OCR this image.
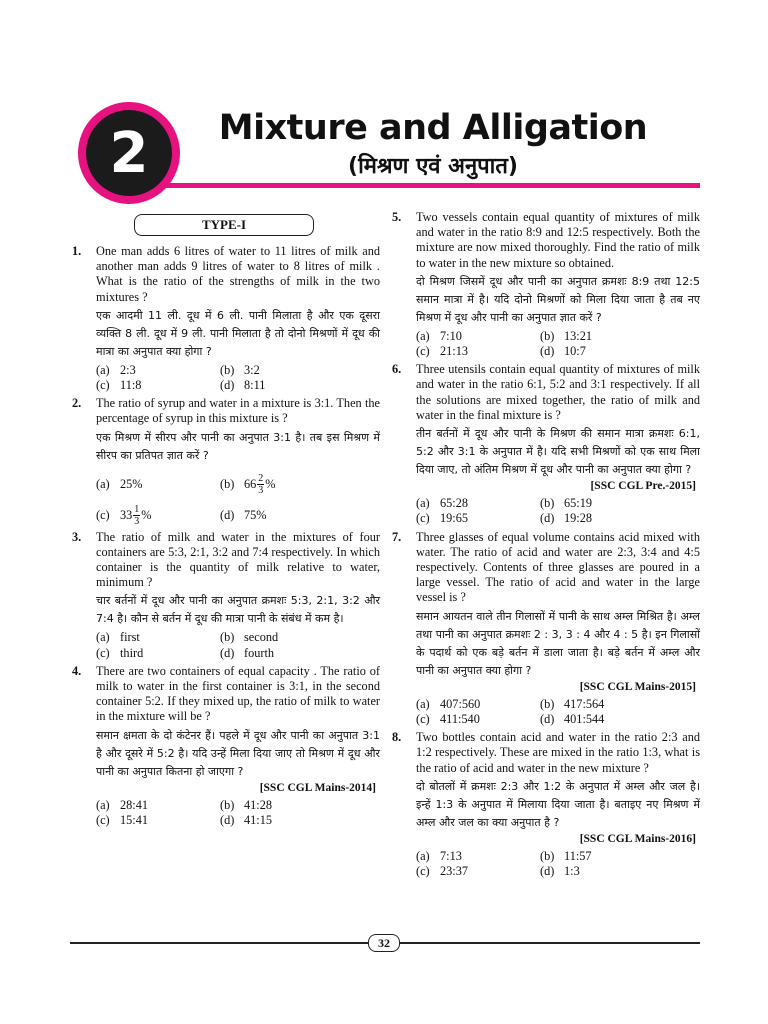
2	Mixture and Alligation
(मिश्रण एवं अनुपात)
TYPE-I
1. One man adds 6 litres of water to 11 litres of milk and another man adds 9 litres of water to 8 litres of milk . What is the ratio of the strengths of milk in the two mixtures ?
एक आदमी 11 ली. दूध में 6 ली. पानी मिलाता है और एक दूसरा व्यक्ति 8 ली. दूध में 9 ली. पानी मिलाता है तो दोनो मिश्रणों में दूध की मात्रा का अनुपात क्या होगा ?
(a) 2:3	(b) 3:2
(c) 11:8	(d) 8:11
2. The ratio of syrup and water in a mixture is 3:1. Then the percentage of syrup in this mixture is ?
एक मिश्रण में सीरप और पानी का अनुपात 3:1 है। तब इस मिश्रण में सीरप का प्रतिपत ज्ञात करें ?
(a) 25%	(b) $66 \frac{2}{3}$ %
(c) $33 \frac{1}{3}$ %	(d) 75%
3. The ratio of milk and water in the mixtures of four containers are 5:3, 2:1, 3:2 and 7:4 respectively. In which container is the quantity of milk relative to water, minimum ?
चार बर्तनों में दूध और पानी का अनुपात क्रमशः 5:3, 2:1, 3:2 और 7:4 है। कौन से बर्तन में दूध की मात्रा पानी के संबंध में कम है।
(a) first	(b) second
(c) third	(d) fourth
4. There are two containers of equal capacity . The ratio of milk to water in the first container is 3:1, in the second container 5:2. If they mixed up, the ratio of milk to water in the mixture will be ?
समान क्षमता के दो कंटेनर हैं। पहले में दूध और पानी का अनुपात 3:1 है और दूसरे में 5:2 है। यदि उन्हें मिला दिया जाए तो मिश्रण में दूध और पानी का अनुपात कितना हो जाएगा ?
[SSC CGL Mains-2014]
(a) 28:41	(b) 41:28
(c) 15:41	(d) 41:15
5. Two vessels contain equal quantity of mixtures of milk and water in the ratio 8:9 and 12:5 respectively. Both the mixture are now mixed thoroughly. Find the ratio of milk to water in the new mixture so obtained.
दो मिश्रण जिसमें दूध और पानी का अनुपात क्रमशः 8:9 तथा 12:5 समान मात्रा में है। यदि दोनो मिश्रणों को मिला दिया जाता है तब नए मिश्रण में दूध और पानी का अनुपात ज्ञात करें ?
(a) 7:10	(b) 13:21
(c) 21:13	(d) 10:7
6. Three utensils contain equal quantity of mixtures of milk and water in the ratio 6:1, 5:2 and 3:1 respectively. If all the solutions are mixed together, the ratio of milk and water in the final mixture is ?
तीन बर्तनों में दूध और पानी के मिश्रण की समान मात्रा क्रमशः 6:1, 5:2 और 3:1 के अनुपात में है। यदि सभी मिश्रणों को एक साथ मिला दिया जाए, तो अंतिम मिश्रण में दूध और पानी का अनुपात क्या होगा ?
[SSC CGL Pre.-2015]
(a) 65:28	(b) 65:19
(c) 19:65	(d) 19:28
7. Three glasses of equal volume contains acid mixed with water. The ratio of acid and water are 2:3, 3:4 and 4:5 respectively. Contents of three glasses are poured in a large vessel. The ratio of acid and water in the large vessel is ?
समान आयतन वाले तीन गिलासों में पानी के साथ अम्ल मिश्रित है। अम्ल तथा पानी का अनुपात क्रमशः 2 : 3, 3 : 4 और 4 : 5 है। इन गिलासों के पदार्थ को एक बड़े बर्तन में डाला जाता है। बड़े बर्तन में अम्ल और पानी का अनुपात क्या होगा ?
[SSC CGL Mains-2015]
(a) 407:560	(b) 417:564
(c) 411:540	(d) 401:544
8. Two bottles contain acid and water in the ratio 2:3 and 1:2 respectively. These are mixed in the ratio 1:3, what is the ratio of acid and water in the new mixture ?
दो बोतलों में क्रमशः 2:3 और 1:2 के अनुपात में अम्ल और जल है। इन्हें 1:3 के अनुपात में मिलाया दिया जाता है। बताइए नए मिश्रण में अम्ल और जल का क्या अनुपात है ?
[SSC CGL Mains-2016]
(a) 7:13	(b) 11:57
(c) 23:37	(d) 1:3
32
